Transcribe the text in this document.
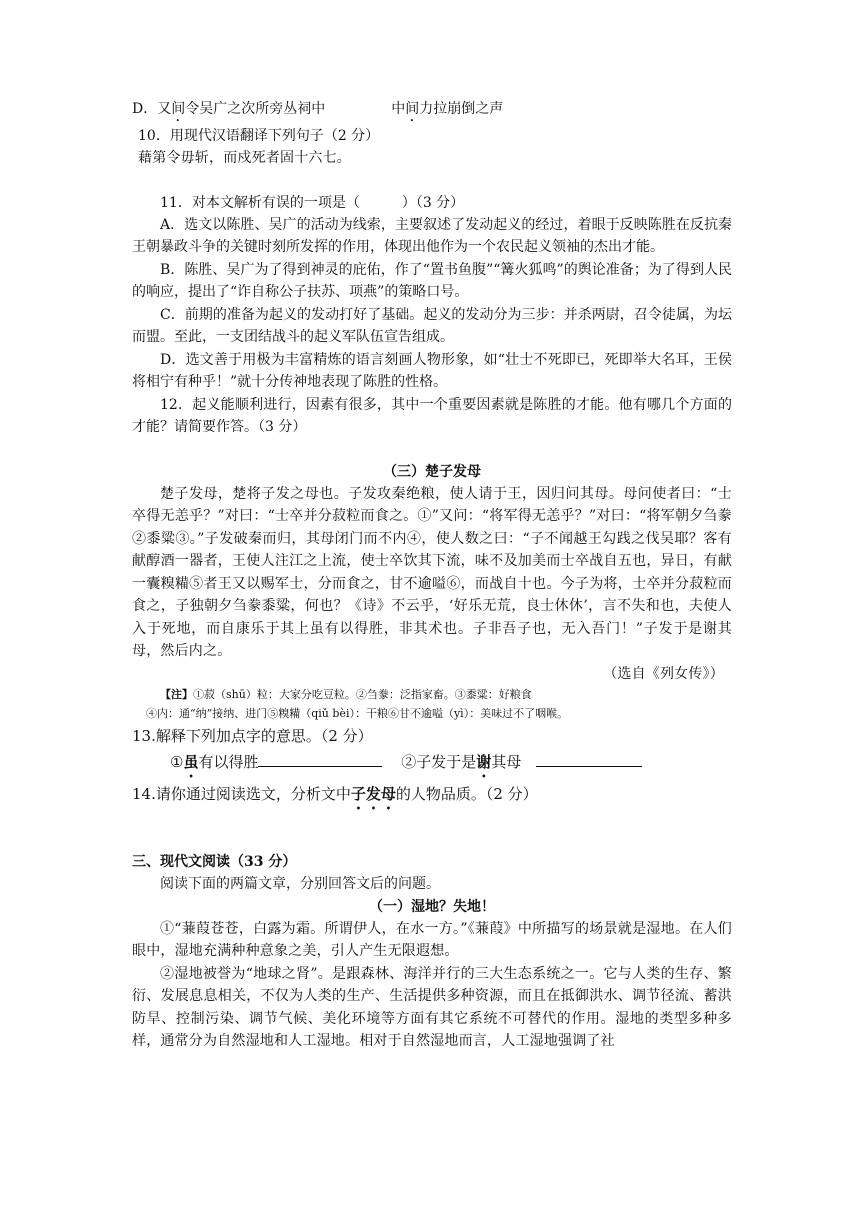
D．又间令吴广之次所旁丛祠中	中间力拉崩倒之声

10．用现代汉语翻译下列句子（2 分）

藉第令毋斩，而戍死者固十六七。

11．对本文解析有误的一项是（　　　）（3 分）

A．选文以陈胜、吴广的活动为线索，主要叙述了发动起义的经过，着眼于反映陈胜在反抗秦王朝暴政斗争的关键时刻所发挥的作用，体现出他作为一个农民起义领袖的杰出才能。

B．陈胜、吴广为了得到神灵的庇佑，作了“置书鱼腹”“篝火狐鸣”的舆论准备；为了得到人民的响应，提出了“诈自称公子扶苏、项燕”的策略口号。

C．前期的准备为起义的发动打好了基础。起义的发动分为三步：并杀两尉，召令徒属，为坛而盟。至此，一支团结战斗的起义军队伍宣告组成。

D．选文善于用极为丰富精炼的语言刻画人物形象，如“壮士不死即已，死即举大名耳，王侯将相宁有种乎！”就十分传神地表现了陈胜的性格。

12．起义能顺利进行，因素有很多，其中一个重要因素就是陈胜的才能。他有哪几个方面的才能？请简要作答。（3 分）

（三）楚子发母

楚子发母，楚将子发之母也。子发攻秦绝粮，使人请于王，因归问其母。母问使者曰：“士卒得无恙乎？”对曰：“士卒并分菽粒而食之。①”又问：“将军得无恙乎？”对曰：“将军朝夕刍豢②黍粱③。”子发破秦而归，其母闭门而不内④，使人数之曰：“子不闻越王勾践之伐吴耶？客有献醇酒一器者，王使人注江之上流，使士卒饮其下流，味不及加美而士卒战自五也，异日，有献一囊糗糒⑤者王又以赐军士，分而食之，甘不逾嗌⑥，而战自十也。今子为将，士卒并分菽粒而食之，子独朝夕刍豢黍粱，何也？《诗》不云乎，‘好乐无荒，良士休休’，言不失和也，夫使人入于死地，而自康乐于其上虽有以得胜，非其术也。子非吾子也，无入吾门！”子发于是谢其母，然后内之。

（选自《列女传》）

【注】①菽（shū）粒：大家分吃豆粒。②刍豢：泛指家畜。③黍粱：好粮食

④内：通“纳”接纳、进门⑤糗糒（qiǔ bèi）：干粮⑥甘不逾嗌（yì）：美味过不了咽喉。

13.解释下列加点字的意思。（2 分）

①虽有以得胜	②子发于是谢其母

14.请你通过阅读选文，分析文中子发母的人物品质。（2 分）

三、现代文阅读（33 分）

阅读下面的两篇文章，分别回答文后的问题。

（一）湿地？失地！

①“蒹葭苍苍，白露为霜。所谓伊人，在水一方。”《蒹葭》中所描写的场景就是湿地。在人们眼中，湿地充满种种意象之美，引人产生无限遐想。

②湿地被誉为“地球之肾”。是跟森林、海洋并行的三大生态系统之一。它与人类的生存、繁衍、发展息息相关，不仅为人类的生产、生活提供多种资源，而且在抵御洪水、调节径流、蓄洪防旱、控制污染、调节气候、美化环境等方面有其它系统不可替代的作用。湿地的类型多种多样，通常分为自然湿地和人工湿地。相对于自然湿地而言，人工湿地强调了社
